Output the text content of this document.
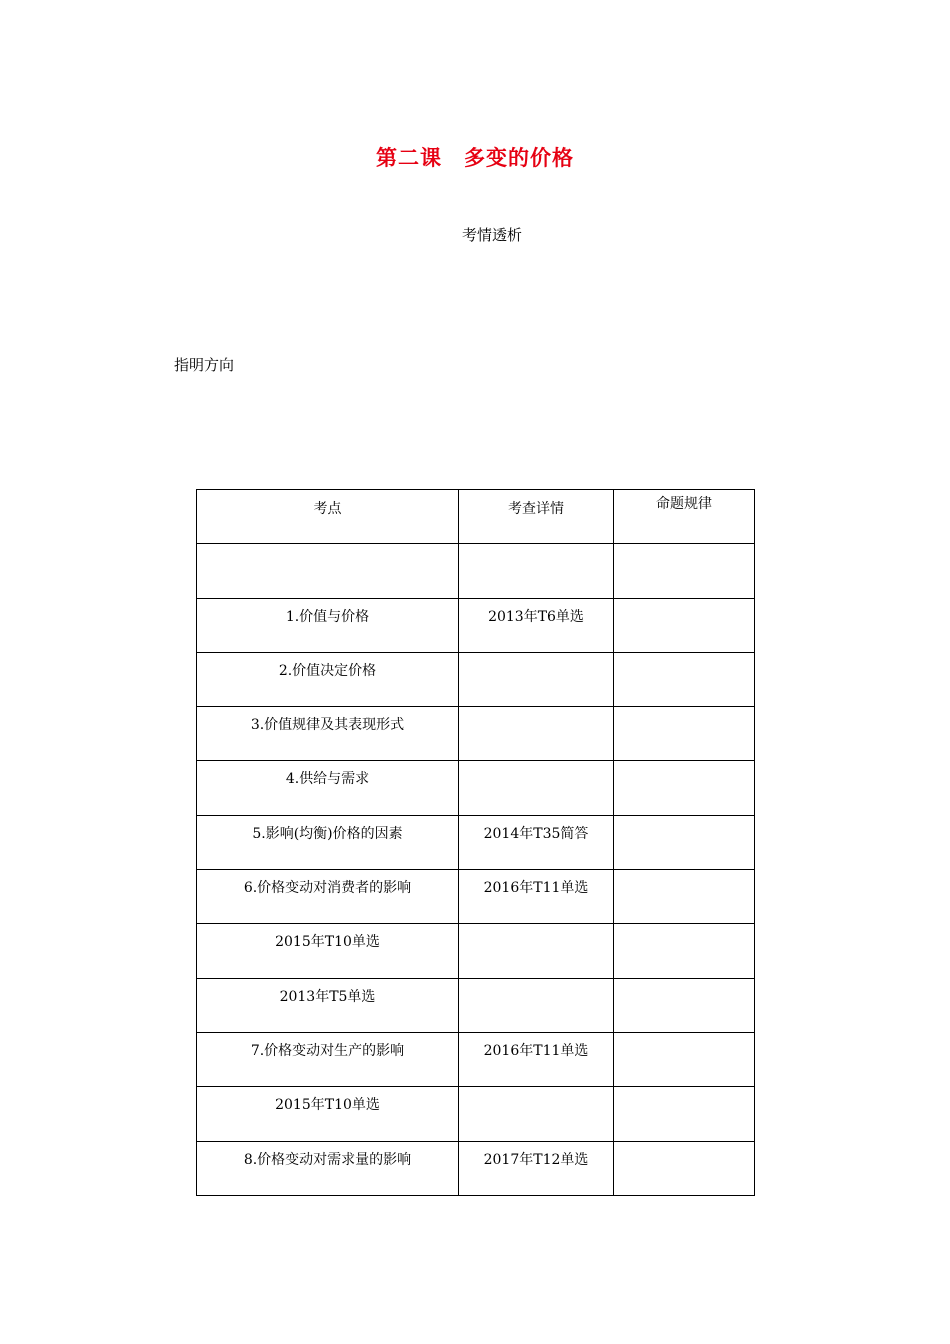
第二课　多变的价格
考情透析
指明方向
考点	考查详情	命题规律

1.价值与价格	2013年T6单选	
2.价值决定价格		
3.价值规律及其表现形式		
4.供给与需求		
5.影响(均衡)价格的因素	2014年T35简答	
6.价格变动对消费者的影响	2016年T11单选	
2015年T10单选		
2013年T5单选		
7.价格变动对生产的影响	2016年T11单选	
2015年T10单选		
8.价格变动对需求量的影响	2017年T12单选	
